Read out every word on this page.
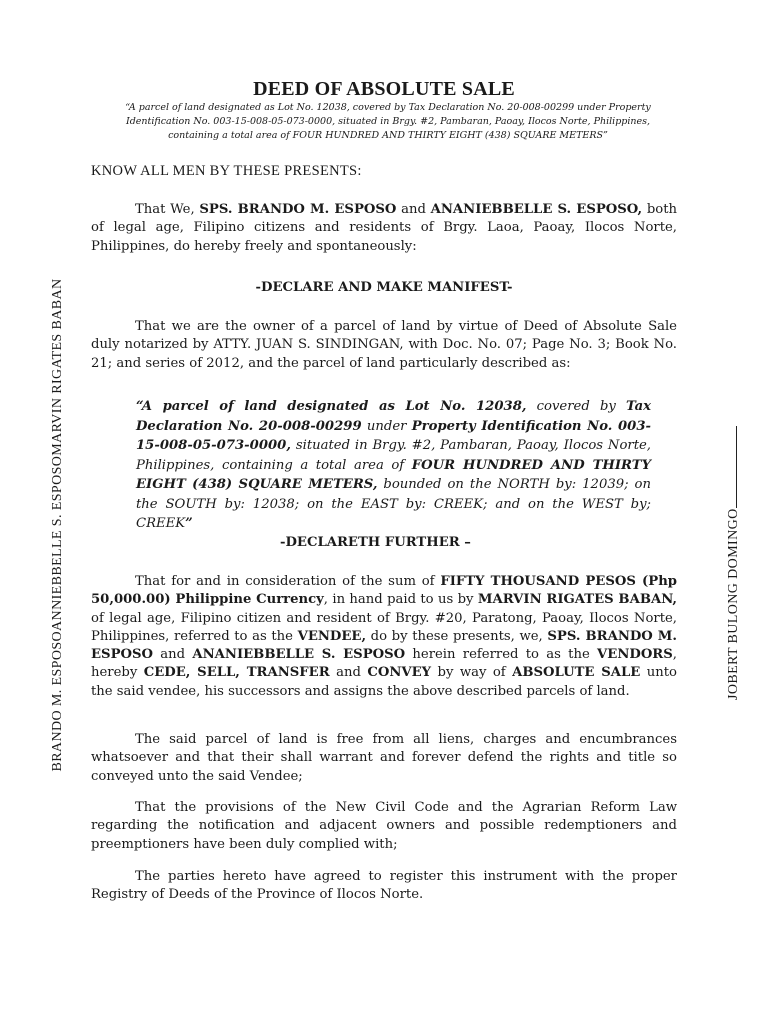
DEED OF ABSOLUTE SALE

“A parcel of land designated as Lot No. 12038, covered by Tax Declaration No. 20-008-00299 under Property Identification No. 003-15-008-05-073-0000, situated in Brgy. #2, Pambaran, Paoay, Ilocos Norte, Philippines, containing a total area of FOUR HUNDRED AND THIRTY EIGHT (438) SQUARE METERS”

KNOW ALL MEN BY THESE PRESENTS:

That We, SPS. BRANDO M. ESPOSO and ANANIEBBELLE S. ESPOSO, both of legal age, Filipino citizens and residents of Brgy. Laoa, Paoay, Ilocos Norte, Philippines, do hereby freely and spontaneously:

-DECLARE AND MAKE MANIFEST-

That we are the owner of a parcel of land by virtue of Deed of Absolute Sale duly notarized by ATTY. JUAN S. SINDINGAN, with Doc. No. 07; Page No. 3; Book No. 21; and series of 2012, and the parcel of land particularly described as:

“A parcel of land designated as Lot No. 12038, covered by Tax Declaration No. 20-008-00299 under Property Identification No. 003-15-008-05-073-0000, situated in Brgy. #2, Pambaran, Paoay, Ilocos Norte, Philippines, containing a total area of FOUR HUNDRED AND THIRTY EIGHT (438) SQUARE METERS, bounded on the NORTH by: 12039; on the SOUTH by: 12038; on the EAST by: CREEK; and on the WEST by; CREEK”

-DECLARETH FURTHER –

That for and in consideration of the sum of FIFTY THOUSAND PESOS (Php 50,000.00) Philippine Currency, in hand paid to us by MARVIN RIGATES BABAN, of legal age, Filipino citizen and resident of Brgy. #20, Paratong, Paoay, Ilocos Norte, Philippines, referred to as the VENDEE, do by these presents, we, SPS. BRANDO M. ESPOSO and ANANIEBBELLE S. ESPOSO herein referred to as the VENDORS, hereby CEDE, SELL, TRANSFER and CONVEY by way of ABSOLUTE SALE unto the said vendee, his successors and assigns the above described parcels of land.

The said parcel of land is free from all liens, charges and encumbrances whatsoever and that their shall warrant and forever defend the rights and title so conveyed unto the said Vendee;

That the provisions of the New Civil Code and the Agrarian Reform Law regarding the notification and adjacent owners and possible redemptioners and preemptioners have been duly complied with;

The parties hereto have agreed to register this instrument with the proper Registry of Deeds of the Province of Ilocos Norte.

BRANDO M. ESPOSOANNIEBBELLE S. ESPOSOMARVIN RIGATES BABAN	JOBERT BULONG DOMINGO
